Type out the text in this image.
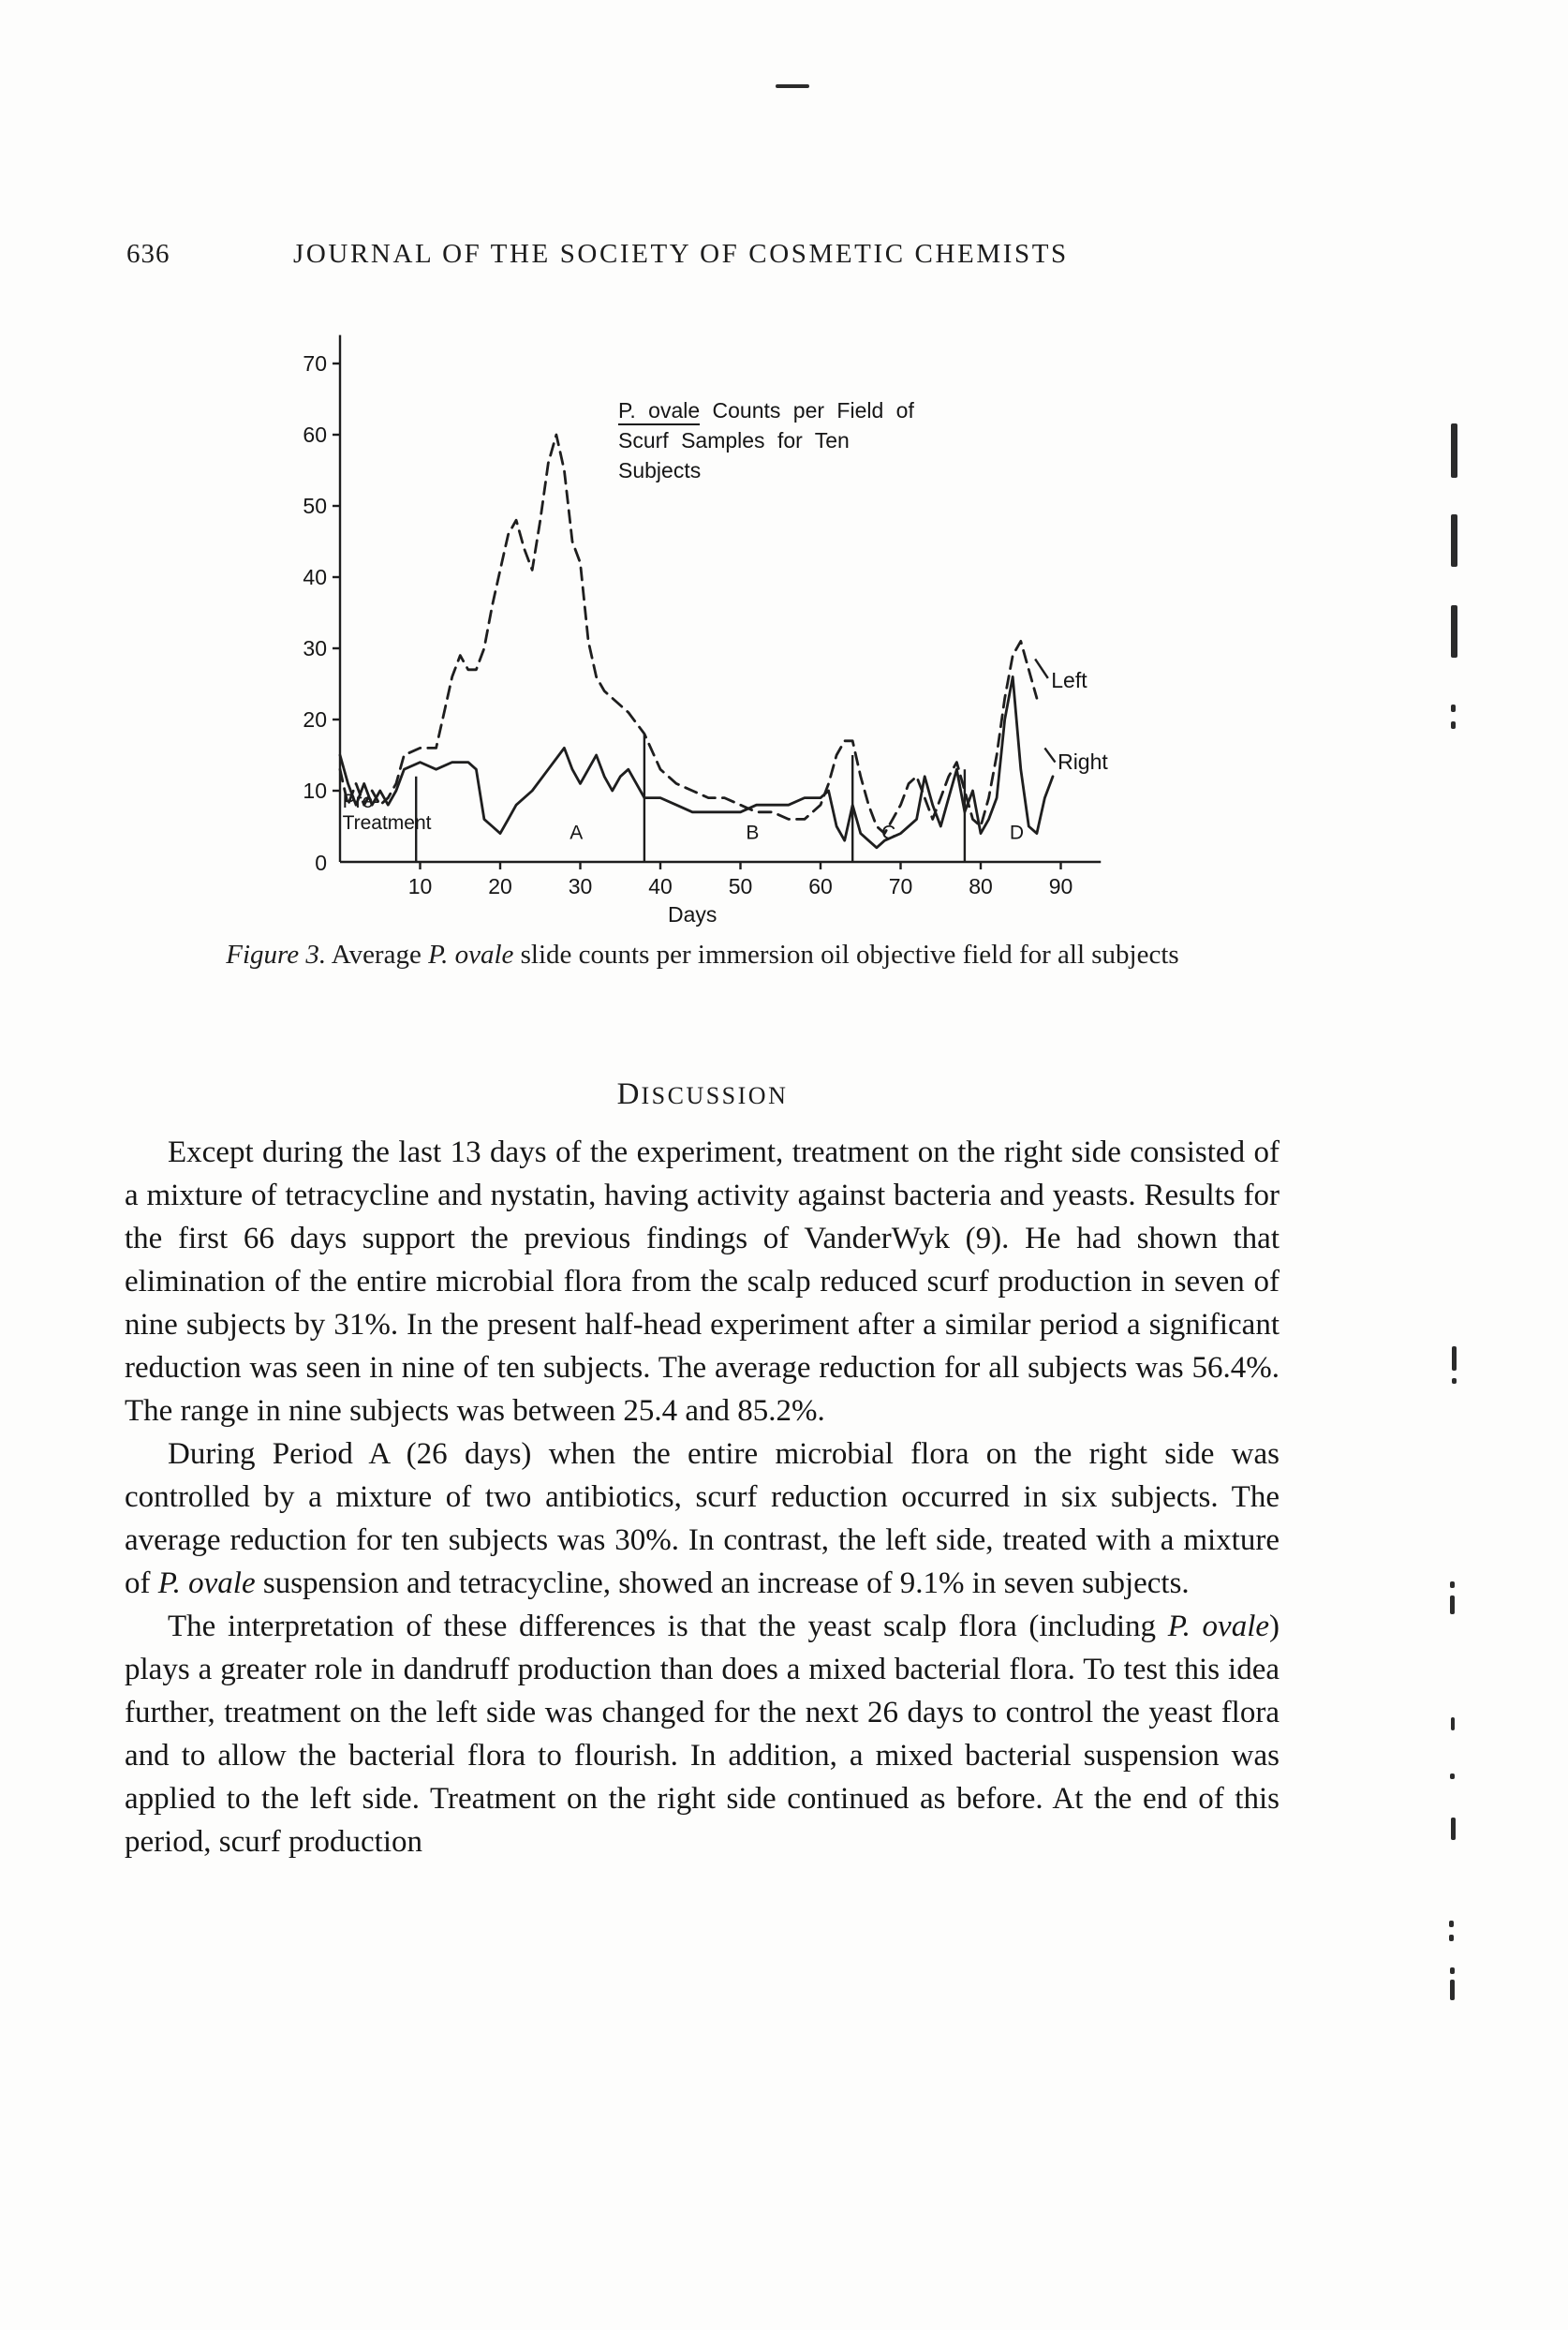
636	JOURNAL OF THE SOCIETY OF COSMETIC CHEMISTS
10
20
30
40
50
60
70
0
10	20	30	40	50	60	70	80	90
Days
Pre-
Treatment	A	B	C	D
Left
Right
P. ovale Counts per Field of
Scurf Samples for Ten
Subjects
Figure 3. Average P. ovale slide counts per immersion oil objective field for all subjects
DISCUSSION

Except during the last 13 days of the experiment, treatment on the right side consisted of a mixture of tetracycline and nystatin, having activity against bacteria and yeasts. Results for the first 66 days support the previous findings of VanderWyk (9). He had shown that elimination of the entire microbial flora from the scalp reduced scurf production in seven of nine subjects by 31%. In the present half-head experiment after a similar period a significant reduction was seen in nine of ten subjects. The average reduction for all subjects was 56.4%. The range in nine subjects was between 25.4 and 85.2%.

During Period A (26 days) when the entire microbial flora on the right side was controlled by a mixture of two antibiotics, scurf reduction occurred in six subjects. The average reduction for ten subjects was 30%. In contrast, the left side, treated with a mixture of P. ovale suspension and tetracycline, showed an increase of 9.1% in seven subjects.

The interpretation of these differences is that the yeast scalp flora (including P. ovale) plays a greater role in dandruff production than does a mixed bacterial flora. To test this idea further, treatment on the left side was changed for the next 26 days to control the yeast flora and to allow the bacterial flora to flourish. In addition, a mixed bacterial suspension was applied to the left side. Treatment on the right side continued as before. At the end of this period, scurf production
